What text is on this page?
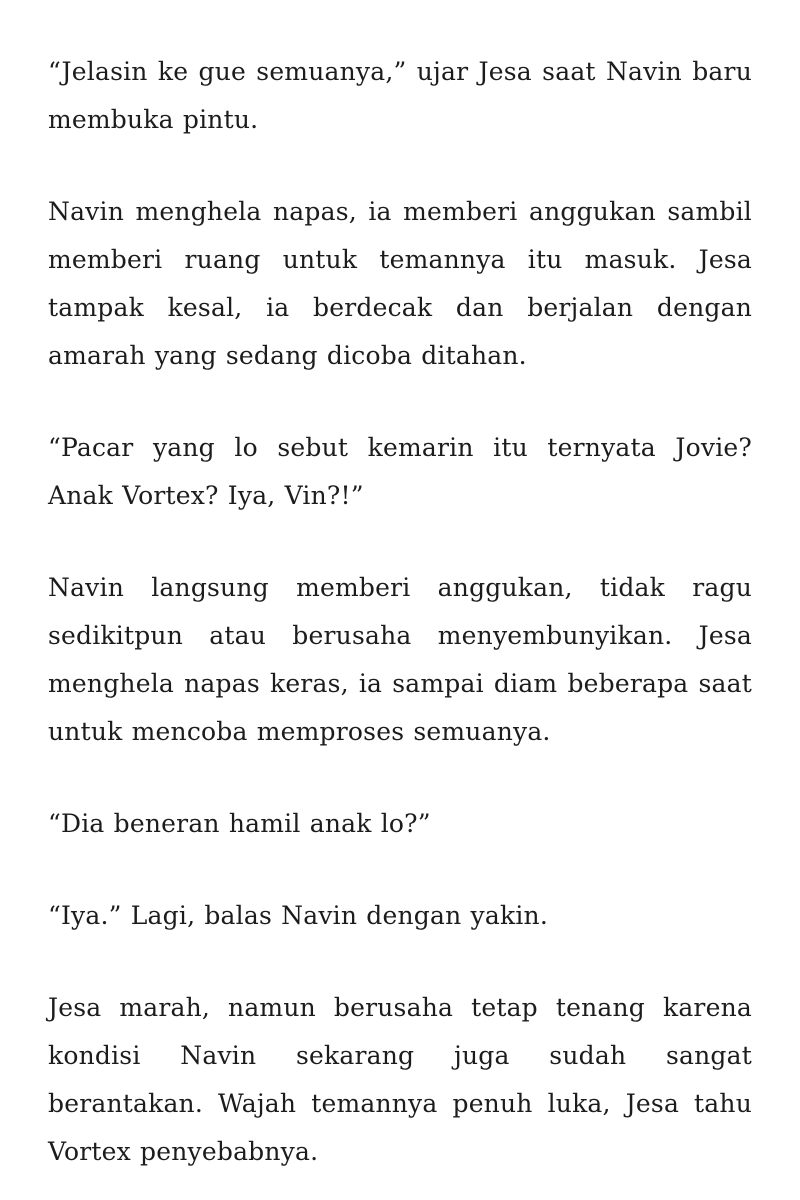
“Jelasin ke gue semuanya,” ujar Jesa saat Navin baru membuka pintu.

Navin menghela napas, ia memberi anggukan sambil memberi ruang untuk temannya itu masuk. Jesa tampak kesal, ia berdecak dan berjalan dengan amarah yang sedang dicoba ditahan.

“Pacar yang lo sebut kemarin itu ternyata Jovie? Anak Vortex? Iya, Vin?!”

Navin langsung memberi anggukan, tidak ragu sedikitpun atau berusaha menyembunyikan. Jesa menghela napas keras, ia sampai diam beberapa saat untuk mencoba memproses semuanya.

“Dia beneran hamil anak lo?”

“Iya.” Lagi, balas Navin dengan yakin.

Jesa marah, namun berusaha tetap tenang karena kondisi Navin sekarang juga sudah sangat berantakan. Wajah temannya penuh luka, Jesa tahu Vortex penyebabnya.
